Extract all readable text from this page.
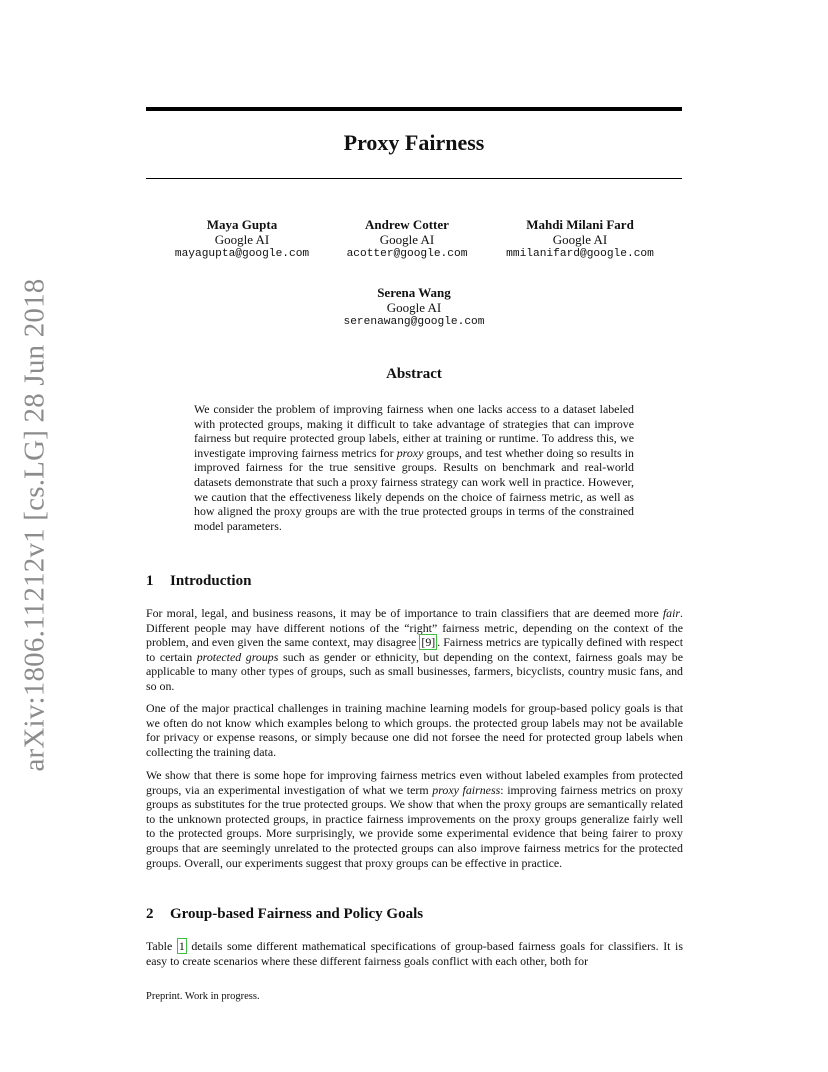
arXiv:1806.11212v1 [cs.LG] 28 Jun 2018
Proxy Fairness
Maya Gupta
Google AI
mayagupta@google.com
Andrew Cotter
Google AI
acotter@google.com
Mahdi Milani Fard
Google AI
mmilanifard@google.com
Serena Wang
Google AI
serenawang@google.com
Abstract

We consider the problem of improving fairness when one lacks access to a dataset labeled with protected groups, making it difficult to take advantage of strategies that can improve fairness but require protected group labels, either at training or runtime. To address this, we investigate improving fairness metrics for proxy groups, and test whether doing so results in improved fairness for the true sensitive groups. Results on benchmark and real-world datasets demonstrate that such a proxy fairness strategy can work well in practice. However, we caution that the effectiveness likely depends on the choice of fairness metric, as well as how aligned the proxy groups are with the true protected groups in terms of the constrained model parameters.

1 Introduction

For moral, legal, and business reasons, it may be of importance to train classifiers that are deemed more fair. Different people may have different notions of the “right” fairness metric, depending on the context of the problem, and even given the same context, may disagree [9] . Fairness metrics are typically defined with respect to certain protected groups such as gender or ethnicity, but depending on the context, fairness goals may be applicable to many other types of groups, such as small businesses, farmers, bicyclists, country music fans, and so on.

One of the major practical challenges in training machine learning models for group-based policy goals is that we often do not know which examples belong to which groups. the protected group labels may not be available for privacy or expense reasons, or simply because one did not forsee the need for protected group labels when collecting the training data.

We show that there is some hope for improving fairness metrics even without labeled examples from protected groups, via an experimental investigation of what we term proxy fairness: improving fairness metrics on proxy groups as substitutes for the true protected groups. We show that when the proxy groups are semantically related to the unknown protected groups, in practice fairness improvements on the proxy groups generalize fairly well to the protected groups. More surprisingly, we provide some experimental evidence that being fairer to proxy groups that are seemingly unrelated to the protected groups can also improve fairness metrics for the protected groups. Overall, our experiments suggest that proxy groups can be effective in practice.

2 Group-based Fairness and Policy Goals

Table 1 details some different mathematical specifications of group-based fairness goals for classifiers. It is easy to create scenarios where these different fairness goals conflict with each other, both for

Preprint. Work in progress.
